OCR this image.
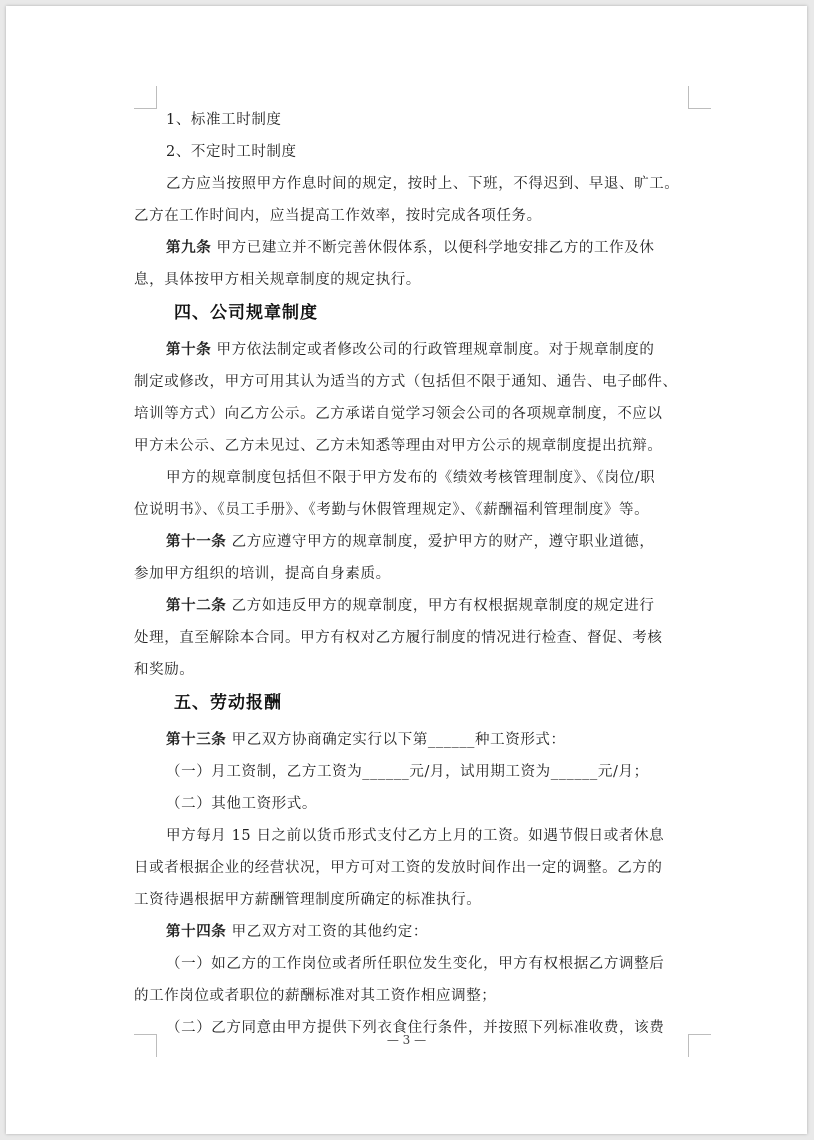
1、标准工时制度
2、不定时工时制度
乙方应当按照甲方作息时间的规定，按时上、下班，不得迟到、早退、旷工。
乙方在工作时间内，应当提高工作效率，按时完成各项任务。
第九条 甲方已建立并不断完善休假体系，以便科学地安排乙方的工作及休
息，具体按甲方相关规章制度的规定执行。
四、公司规章制度
第十条 甲方依法制定或者修改公司的行政管理规章制度。对于规章制度的
制定或修改，甲方可用其认为适当的方式（包括但不限于通知、通告、电子邮件、
培训等方式）向乙方公示。乙方承诺自觉学习领会公司的各项规章制度，不应以
甲方未公示、乙方未见过、乙方未知悉等理由对甲方公示的规章制度提出抗辩。
甲方的规章制度包括但不限于甲方发布的《绩效考核管理制度》、《岗位/职
位说明书》、《员工手册》、《考勤与休假管理规定》、《薪酬福利管理制度》等。
第十一条 乙方应遵守甲方的规章制度，爱护甲方的财产，遵守职业道德，
参加甲方组织的培训，提高自身素质。
第十二条 乙方如违反甲方的规章制度，甲方有权根据规章制度的规定进行
处理，直至解除本合同。甲方有权对乙方履行制度的情况进行检查、督促、考核
和奖励。
五、劳动报酬
第十三条 甲乙双方协商确定实行以下第______种工资形式：
（一）月工资制，乙方工资为______元/月，试用期工资为______元/月；
（二）其他工资形式。
甲方每月 15 日之前以货币形式支付乙方上月的工资。如遇节假日或者休息
日或者根据企业的经营状况，甲方可对工资的发放时间作出一定的调整。乙方的
工资待遇根据甲方薪酬管理制度所确定的标准执行。
第十四条 甲乙双方对工资的其他约定：
（一）如乙方的工作岗位或者所任职位发生变化，甲方有权根据乙方调整后
的工作岗位或者职位的薪酬标准对其工资作相应调整；
（二）乙方同意由甲方提供下列衣食住行条件，并按照下列标准收费，该费
— 3 —
